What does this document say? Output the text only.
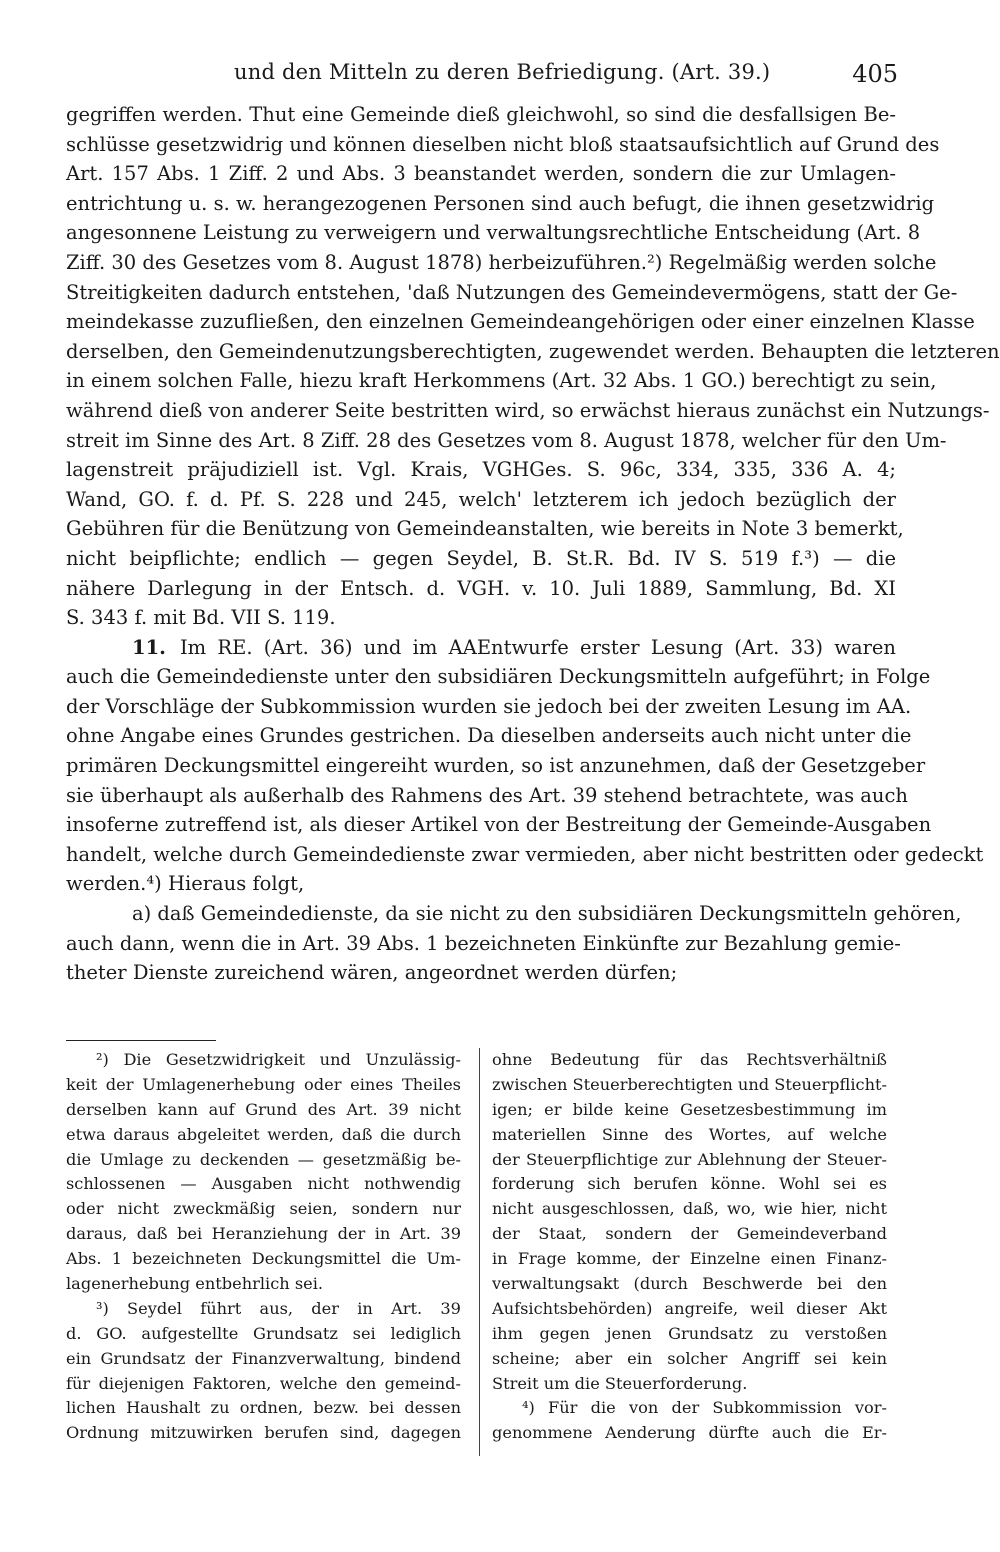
und den Mitteln zu deren Befriedigung. (Art. 39.)	405
gegriffen werden. Thut eine Gemeinde dieß gleichwohl, so sind die desfallsigen Be-
schlüsse gesetzwidrig und können dieselben nicht bloß staatsaufsichtlich auf Grund des
Art. 157 Abs. 1 Ziff. 2 und Abs. 3 beanstandet werden, sondern die zur Umlagen-
entrichtung u. s. w. herangezogenen Personen sind auch befugt, die ihnen gesetzwidrig
angesonnene Leistung zu verweigern und verwaltungsrechtliche Entscheidung (Art. 8
Ziff. 30 des Gesetzes vom 8. August 1878) herbeizuführen.²) Regelmäßig werden solche
Streitigkeiten dadurch entstehen, 'daß Nutzungen des Gemeindevermögens, statt der Ge-
meindekasse zuzufließen, den einzelnen Gemeindeangehörigen oder einer einzelnen Klasse
derselben, den Gemeindenutzungsberechtigten, zugewendet werden. Behaupten die letzteren
in einem solchen Falle, hiezu kraft Herkommens (Art. 32 Abs. 1 GO.) berechtigt zu sein,
während dieß von anderer Seite bestritten wird, so erwächst hieraus zunächst ein Nutzungs-
streit im Sinne des Art. 8 Ziff. 28 des Gesetzes vom 8. August 1878, welcher für den Um-
lagenstreit präjudiziell ist. Vgl. Krais, VGHGes. S. 96c, 334, 335, 336 A. 4;
Wand, GO. f. d. Pf. S. 228 und 245, welch' letzterem ich jedoch bezüglich der
Gebühren für die Benützung von Gemeindeanstalten, wie bereits in Note 3 bemerkt,
nicht beipflichte; endlich — gegen Seydel, B. St.R. Bd. IV S. 519 f.³) — die
nähere Darlegung in der Entsch. d. VGH. v. 10. Juli 1889, Sammlung, Bd. XI
S. 343 f. mit Bd. VII S. 119.
11. Im RE. (Art. 36) und im AAEntwurfe erster Lesung (Art. 33) waren
auch die Gemeindedienste unter den subsidiären Deckungsmitteln aufgeführt; in Folge
der Vorschläge der Subkommission wurden sie jedoch bei der zweiten Lesung im AA.
ohne Angabe eines Grundes gestrichen. Da dieselben anderseits auch nicht unter die
primären Deckungsmittel eingereiht wurden, so ist anzunehmen, daß der Gesetzgeber
sie überhaupt als außerhalb des Rahmens des Art. 39 stehend betrachtete, was auch
insoferne zutreffend ist, als dieser Artikel von der Bestreitung der Gemeinde-Ausgaben
handelt, welche durch Gemeindedienste zwar vermieden, aber nicht bestritten oder gedeckt
werden.⁴) Hieraus folgt,
a) daß Gemeindedienste, da sie nicht zu den subsidiären Deckungsmitteln gehören,
auch dann, wenn die in Art. 39 Abs. 1 bezeichneten Einkünfte zur Bezahlung gemie-
theter Dienste zureichend wären, angeordnet werden dürfen;
²) Die Gesetzwidrigkeit und Unzulässig-
keit der Umlagenerhebung oder eines Theiles
derselben kann auf Grund des Art. 39 nicht
etwa daraus abgeleitet werden, daß die durch
die Umlage zu deckenden — gesetzmäßig be-
schlossenen — Ausgaben nicht nothwendig
oder nicht zweckmäßig seien, sondern nur
daraus, daß bei Heranziehung der in Art. 39
Abs. 1 bezeichneten Deckungsmittel die Um-
lagenerhebung entbehrlich sei.
³) Seydel führt aus, der in Art. 39
d. GO. aufgestellte Grundsatz sei lediglich
ein Grundsatz der Finanzverwaltung, bindend
für diejenigen Faktoren, welche den gemeind-
lichen Haushalt zu ordnen, bezw. bei dessen
Ordnung mitzuwirken berufen sind, dagegen
ohne Bedeutung für das Rechtsverhältniß
zwischen Steuerberechtigten und Steuerpflicht-
igen; er bilde keine Gesetzesbestimmung im
materiellen Sinne des Wortes, auf welche
der Steuerpflichtige zur Ablehnung der Steuer-
forderung sich berufen könne. Wohl sei es
nicht ausgeschlossen, daß, wo, wie hier, nicht
der Staat, sondern der Gemeindeverband
in Frage komme, der Einzelne einen Finanz-
verwaltungsakt (durch Beschwerde bei den
Aufsichtsbehörden) angreife, weil dieser Akt
ihm gegen jenen Grundsatz zu verstoßen
scheine; aber ein solcher Angriff sei kein
Streit um die Steuerforderung.
⁴) Für die von der Subkommission vor-
genommene Aenderung dürfte auch die Er-
